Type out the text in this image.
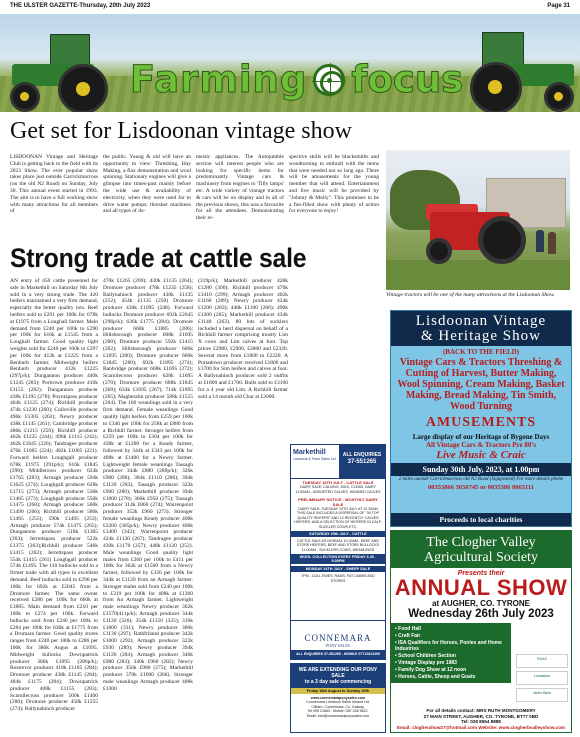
THE ULSTER GAZETTE-Thursday, 20th July 2023	Page 31
Farming focus
Get set for Lisdoonan vintage show

LISDOONAN Vintage and Heritage Club is getting back to the field with its 2023 Show. The ever popular show takes place just outside Carrickmacross (on the old N2 Road) on Sunday, July 30. This annual event started in 1993. The aim is to have a full working show with many attractions for all members of

the public. Young & old will have an opportunity to view: Threshing, Hay Making, a flax demonstration and wool spinning. Stationary engines will give a glimpse into times-past mainly before the wide use & availability of electricity, when they were used for to drive water pumps; thresher machines and all types of do-

mestic appliances. The Autojumble section will interest people who are looking for specific items for predominantly Vintage cars & machinery from engines to 'Tilly lamps' etc. A wide variety of vintage tractors & cars will be on display and in all of the previous shows, this was a favourite for all the attendees. Demonstrating their re-

spective skills will be blacksmiths and woodturning to enthrall with the items that were needed not so long ago. There will be amusements for the young member that will attend. Entertainment and live music will be provided by "Johnny & Molly". This promises to be a fun-filled show with plenty of action for everyone to enjoy!

Vintage tractors will be one of the many attractions at the Lisdoonan Show.
Strong trade at cattle sale

AN entry of 450 cattle presented for sale in Markethill on Saturday 8th July sold in a very strong trade. The 420 heifers maintained a very firm demand, especially the better quality lots. Beef heifers sold to £291 per 100k for 678k at £1975 from a Loughall farmer. Main demand from £240 per 100k to £290 per 100k for 616k at £1545 from a Loughall farmer. Good quality light weights sold for £240 per 100k to £297 per 100k for 412k at £1225 from a Benburb farmer. Midweight heifers Benburb producer 412k £1225 (297p/k); Dungannon producer 440k £1245 (283); Portrown producer 410k £1155 (282); Dungannon producer 438k £1195 (278); Poyntzpass producer 464k £1125 (274); Richhill producer 474k £1230 (260); Culloville producer 496k £1305 (262); Newry producer 438k £1145 (261); Cambridge producer 486k £1215 (250); Richhill producer 462k £1225 (244); 496k £1115 (242); 462k £1045 (226); Tandragee producer 476k £1065 (224); 482k £1065 (221). Forward heifers Loughgall producer 678k £1975 (291p/k); 616k £1845 (290); Middletown producer 624k £1765 (283); Armagh producer 594k £1625 (274); Loughgall producer 628k £1715 (273); Armagh producer 536k £1465 (273); Loughgall producer 550k £1475 (268); Armagh producer 560k £1490 (266); Richhill producer 586k £1495 (255); 590k £1495 (253); Armagh producer 574k £1475 (265); Dungannon producer 518k £1365 (263); Jerrettspass producer 522k £1375 (263);Richhill producer 546k £1415 (262); Jerrettspass producer 554k £1415 (261) Loughgall producer 574k £1495. The 110 bullocks sold in a firmer trade with all types in excellent demand. Beef bullocks sold to £296 per 100k for 692k at £2045 from a Dromore farmer. The same owner received £286 per 100k for 660k at £1885. Main demand from £210 per 100k to £274 per 100k. Forward bullocks sold from £240 per 100k to £284 per 100k for 636k at £1775 from a Dromara farmer. Good quality stores ranges from £240 per 100k to £286 per 100k for 380k Augus at £1095. Midweight bullocks Downpatrick producer 380k £1095 (286p/k); Rostrevor producer 418k £1185 (284); Dromore producer 438k £1145 (284); 484k £1175 (284); Downpatrick producer 408k £1155 (283); Scarnilecross producer 500k £1400 (280); Dromore producer 458k £1255 (274); Ballynahinch producer

470k £1265 (269); 430k £1135 (264); Dromore producer 478k £1235 (258); Ballynahinch producer 430k £1135 (252); 454k £1135 (250) Dromore producer 430k £1095 (248). Forward bullocks Dromore producer 692k £2045 (296p/k); 636k £1775 (284); Dromore producer 660k £1885 (286); Hillsborough producer 608k £1695 (280); Dromore producer 592k £1415 (262); Hillsborough producer 606k £1695 (280); Dromore producer 660k £1845 (280); 692k £1895 (274); Banbridge producer 608k £1695 (272); Scarnilecross producer 628k £1695 (270); Dromore producer 688k £1845 (269); 634k £1695 (267); 714k £1895 (265); Magheralin producer 588k £1555 (264). The 160 weanlings sold in a very firm demand. Female weanlings Good quality light heifers from £259 per 100k to £346 per 100k for 258k at £880 from a Richhill farmer. Stronger heifers from £259 per 100k to £304 per 100k for 438k at £1200 for a Keady farmer, followed by 344k at £343 per 100k for 408k at £1400 for a Newry farmer. Lightweight female weanlings Tassagh producer 344k £880 (289p/k); 326k £900 (288); 384k £1110 (286); 394k £1120 (283); Tassagh producer 322k £900 (280); Markethill producer 394k £1000 (278); 366k £950 (275); Tassagh producer 314k £860 (274); Warrenpoint producer 352k £960 (273). Stronger female weanlings Keady producer 408k £2200 (305p/k); Newry producer 408k £1400 (343); Warrenpoint producer 424k £1130 (267); Tandragee producer 430k £1170 (257); 448k £1120 (252). Male weanlings Good quality light males from £260 per 100k to £411 per 100k for 362k at £1500 from a Newry farmer, followed by £326 per 100k for 344k at £1120 from an Armagh farmer. Stronger males sold from £240 per 100k to £319 per 100k for 408k at £1300 from An Armagh farmer. Lightweight male weanlings Newry producer 362k £1570(411p/k); Armagh producer 344k £1120 (326); 354k £1150 (325); 310k £1000 (311); Newry producer 380k £1130 (297); Rathfriland producer 342k £1000 (292); Armagh producer 322k £930 (289); Newry producer 394k £1120 (284); Armagh producer 346k £980 (283); 340k £960 (282); Newry producer 356k £980 (275); Markethill producer 370k £1000 (266). Stronger male weanlings Armagh producer 408k £1300

(319p/k); Markethill producer 428k £1280 (300); Richhill producer 470k £1410 (299); Armagh producer 402k £1160 (289); Newry producer 424k £1200 (283); 448k £1100 (266); 490k £1300 (265); Markethill producer 434k £1140 (263). 80 lots of sucklers included a herd dispersal on behalf of a Richhill farmer comprising mostly Lim X cows and Lim calves at foot. Top prices £2980, £2900, £2800 and £2320. Several more from £1800 to £2220. A Portadown producer received £1800 and £1700 for Sim heifers and calves at foot. A Ballynahinch producer sold 2 outfits at £1800 and £1700. Bulls sold to £3100 for a 4 year old Lim. A Richhill farmer sold a 14 month old Char at £2000.

Markethill
Livestock & Farm Sales Ltd
ALL ENQUIRIES
37-551265
TUESDAY 18TH JULY - CATTLE SALE
DAIRY SALE: CALVING, MILK, CLEAN, DAIRY 11:00AM - UNSORTED CALVES, WEANED CALVES
PRELIMINARY NOTICE - MONTHLY DAIRY SALE
DAIRY SALE: TUESDAY 10TH JULY AT 12.30AM
THIS SALE INCLUDES A DISPERSAL OF "30 TOP QUALITY HEIFERS" AND 12 RECENTLY CALVED HEIFERS, AND A SELECTION OF HEIFERS IN CALF, SUCKLER COWS ETC.
SATURDAY 29th JULY - CATTLE
CATTLE SALE AS NORMAL 10.30AM - BEEF AND STORE HEIFERS, BEEF AND STORE BULLOCKS 11.00AM - SUCKLERS COWS, WEANLINGS
WOOL COLLECTION EVERY FRIDAY 6.30 - 9.00PM
MONDAY 24TH JULY - SHEEP SALE
7PM - CULL EWES, RAMS, FAT LAMBS AND STORES
ALL ENQUIRIES 37-551265 - MOBILE 07712612499
CONNEMARA
PONY SALES
WE ARE EXTENDING OUR PONY SALE
to a 3 day sale commencing
Friday 18th August to Sunday 20th
www.connemaraponysales.com
Connemara Livestock Sales Ireland Ltd.
Clifden, Connemara, Co. Galway.
Tel 095 21863 . Mobile: 087 248 5622.
Email: info@connemaraponysales.com
Lisdoonan Vintage
& Heritage Show
(BACK TO THE FIELD)
Vintage Cars & Tractors Threshing & Cutting of Harvest, Butter Making, Wool Spinning, Cream Making, Basket Making, Bread Making, Tin Smith, Wood Turning
AMUSEMENTS
Large display of our Heritage of Bygone Days
All Vintage Cars & Tractors Pre 80's
Live Music & Craic
Sunday 30th July, 2023, at 1.00pm
2 miles outside Carrickmacross old N2 Road (Signposted) For more details phone
00353866 3650745 or 0035386 8065111
Proceeds to local charities
The Clogher Valley
Agricultural Society
Presents their
ANNUAL SHOW
at AUGHER, CO. TYRONE
Wednesday 26th July 2023
• Food Hall
• Craft Fair
• ISA Qualifiers for Horses, Ponies and Home Industries
• School Children Section
• Vintage Display pre 1983
• Family Dog Show at 12 noon
• Horses, Cattle, Sheep and Goats
RUAS
Lisnaskea
Ulster Bank
For all details contact: MRS RUTH MONTGOMERY
27 MAIN STREET, AUGHER, CO. TYRONE, BT77 0BD
Tel: 028 8554 8888
Email: clogherahow27@hotmail.com Website: www.clogherbvalleyshow.com
